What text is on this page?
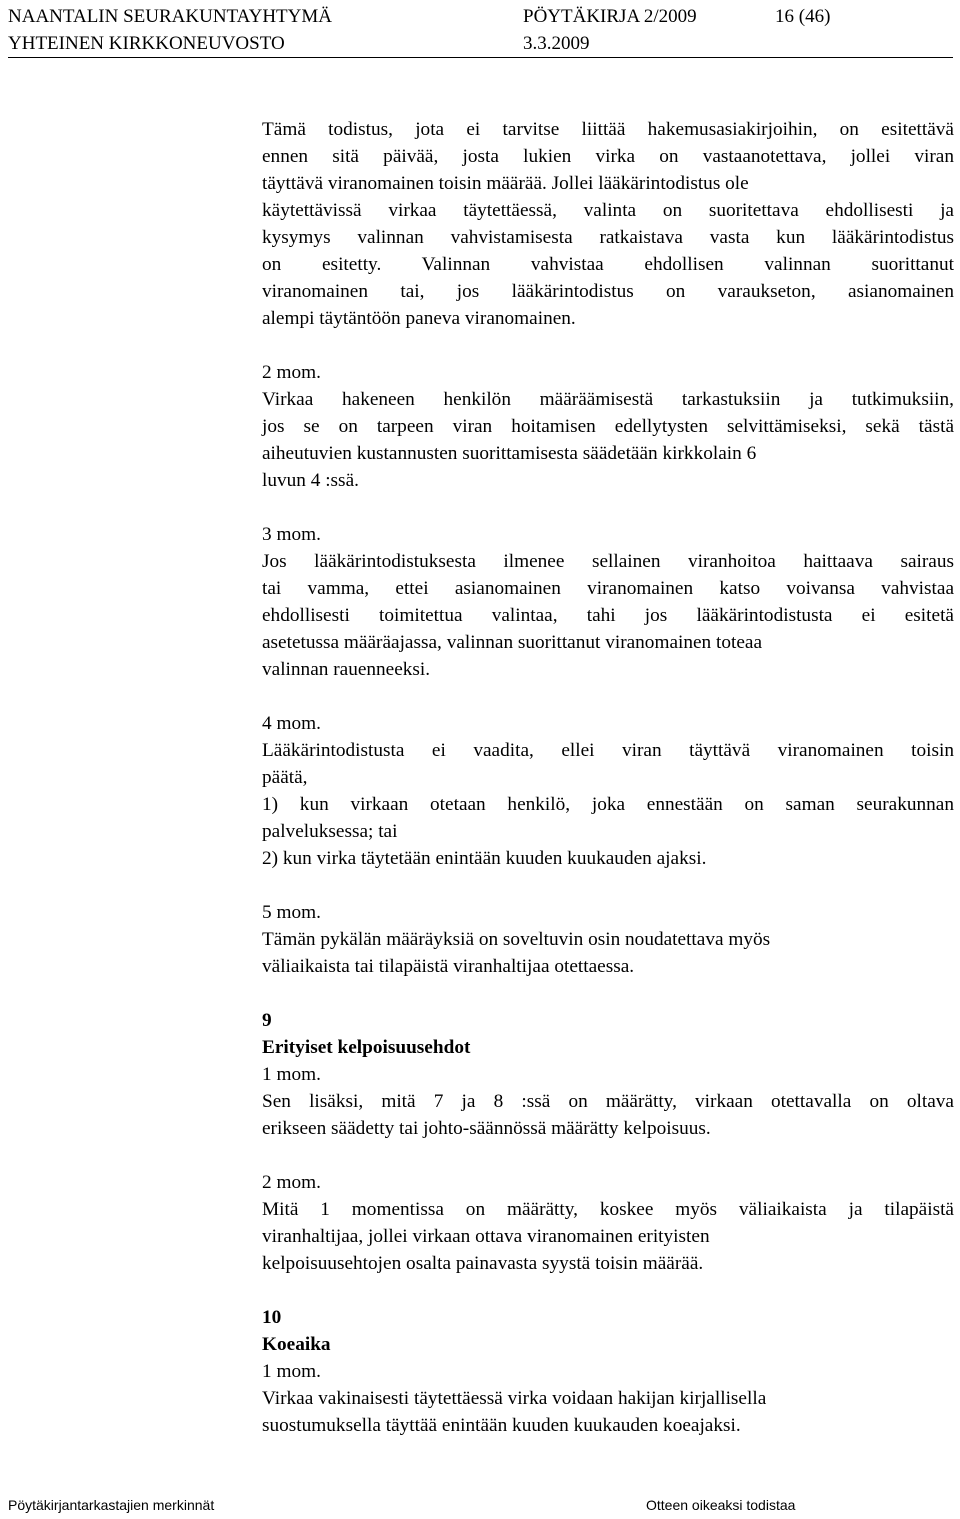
NAANTALIN SEURAKUNTAYHTYMÄ
YHTEINEN KIRKKONEUVOSTO
PÖYTÄKIRJA 2/2009	16 (46)
3.3.2009
Tämä todistus, jota ei tarvitse liittää hakemusasiakirjoihin, on esitettävä
ennen sitä päivää, josta lukien virka on vastaanotettava, jollei viran
täyttävä viranomainen toisin määrää. Jollei lääkärintodistus ole
käytettävissä virkaa täytettäessä, valinta on suoritettava ehdollisesti ja
kysymys valinnan vahvistamisesta ratkaistava vasta kun lääkärintodistus
on esitetty. Valinnan vahvistaa ehdollisen valinnan suorittanut
viranomainen tai, jos lääkärintodistus on varaukseton, asianomainen
alempi täytäntöön paneva viranomainen.
2 mom.
Virkaa hakeneen henkilön määräämisestä tarkastuksiin ja tutkimuksiin,
jos se on tarpeen viran hoitamisen edellytysten selvittämiseksi, sekä tästä
aiheutuvien kustannusten suorittamisesta säädetään kirkkolain 6
luvun 4 :ssä.
3 mom.
Jos lääkärintodistuksesta ilmenee sellainen viranhoitoa haittaava sairaus
tai vamma, ettei asianomainen viranomainen katso voivansa vahvistaa
ehdollisesti toimitettua valintaa, tahi jos lääkärintodistusta ei esitetä
asetetussa määräajassa, valinnan suorittanut viranomainen toteaa
valinnan rauenneeksi.
4 mom.
Lääkärintodistusta ei vaadita, ellei viran täyttävä viranomainen toisin
päätä,
1) kun virkaan otetaan henkilö, joka ennestään on saman seurakunnan
palveluksessa; tai
2) kun virka täytetään enintään kuuden kuukauden ajaksi.
5 mom.
Tämän pykälän määräyksiä on soveltuvin osin noudatettava myös
väliaikaista tai tilapäistä viranhaltijaa otettaessa.
9
Erityiset kelpoisuusehdot
1 mom.
Sen lisäksi, mitä 7 ja 8 :ssä on määrätty, virkaan otettavalla on oltava
erikseen säädetty tai johto-säännössä määrätty kelpoisuus.
2 mom.
Mitä 1 momentissa on määrätty, koskee myös väliaikaista ja tilapäistä
viranhaltijaa, jollei virkaan ottava viranomainen erityisten
kelpoisuusehtojen osalta painavasta syystä toisin määrää.
10
Koeaika
1 mom.
Virkaa vakinaisesti täytettäessä virka voidaan hakijan kirjallisella
suostumuksella täyttää enintään kuuden kuukauden koeajaksi.
Pöytäkirjantarkastajien merkinnät	Otteen oikeaksi todistaa
